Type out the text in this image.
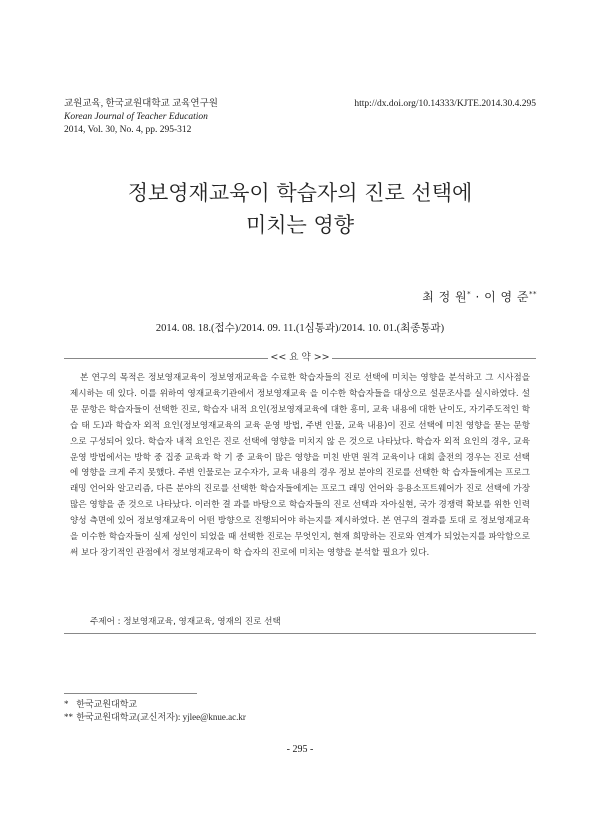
교원교육, 한국교원대학교 교육연구원
Korean Journal of Teacher Education
2014, Vol. 30, No. 4, pp. 295-312
http://dx.doi.org/10.14333/KJTE.2014.30.4.295
정보영재교육이 학습자의 진로 선택에
미치는 영향
최 정 원* · 이 영 준**
2014. 08. 18.(접수)/2014. 09. 11.(1심통과)/2014. 10. 01.(최종통과)
<< 요 약 >>

본 연구의 목적은 정보영재교육이 정보영재교육을 수료한 학습자들의 진로 선택에 미치는 영향을 분석하고 그 시사점을 제시하는 데 있다. 이를 위하여 영재교육기관에서 정보영재교육 을 이수한 학습자들을 대상으로 설문조사를 실시하였다. 설문 문항은 학습자들이 선택한 진로, 학습자 내적 요인(정보영재교육에 대한 흥미, 교육 내용에 대한 난이도, 자기주도적인 학습 태 도)과 학습자 외적 요인(정보영재교육의 교육 운영 방법, 주변 인물, 교육 내용)이 진로 선택에 미친 영향을 묻는 문항으로 구성되어 있다. 학습자 내적 요인은 진로 선택에 영향을 미치지 않 은 것으로 나타났다. 학습자 외적 요인의 경우, 교육 운영 방법에서는 방학 중 집중 교육과 학 기 중 교육이 많은 영향을 미친 반면 원격 교육이나 대회 출전의 경우는 진로 선택에 영향을 크게 주지 못했다. 주변 인물로는 교수자가, 교육 내용의 경우 정보 분야의 진로를 선택한 학 습자들에게는 프로그래밍 언어와 알고리즘, 다른 분야의 진로를 선택한 학습자들에게는 프로그 래밍 언어와 응용소프트웨어가 진로 선택에 가장 많은 영향을 준 것으로 나타났다. 이러한 결 과를 바탕으로 학습자들의 진로 선택과 자아실현, 국가 경쟁력 확보를 위한 인력 양성 측면에 있어 정보영재교육이 어떤 방향으로 진행되어야 하는지를 제시하였다. 본 연구의 결과를 토대 로 정보영재교육을 이수한 학습자들이 실제 성인이 되었을 때 선택한 진로는 무엇인지, 현재 희망하는 진로와 연계가 되었는지를 파악함으로써 보다 장기적인 관점에서 정보영재교육이 학 습자의 진로에 미치는 영향을 분석할 필요가 있다.

주제어 : 정보영재교육, 영재교육, 영재의 진로 선택
* 한국교원대학교
** 한국교원대학교(교신저자): yjlee@knue.ac.kr
- 295 -
